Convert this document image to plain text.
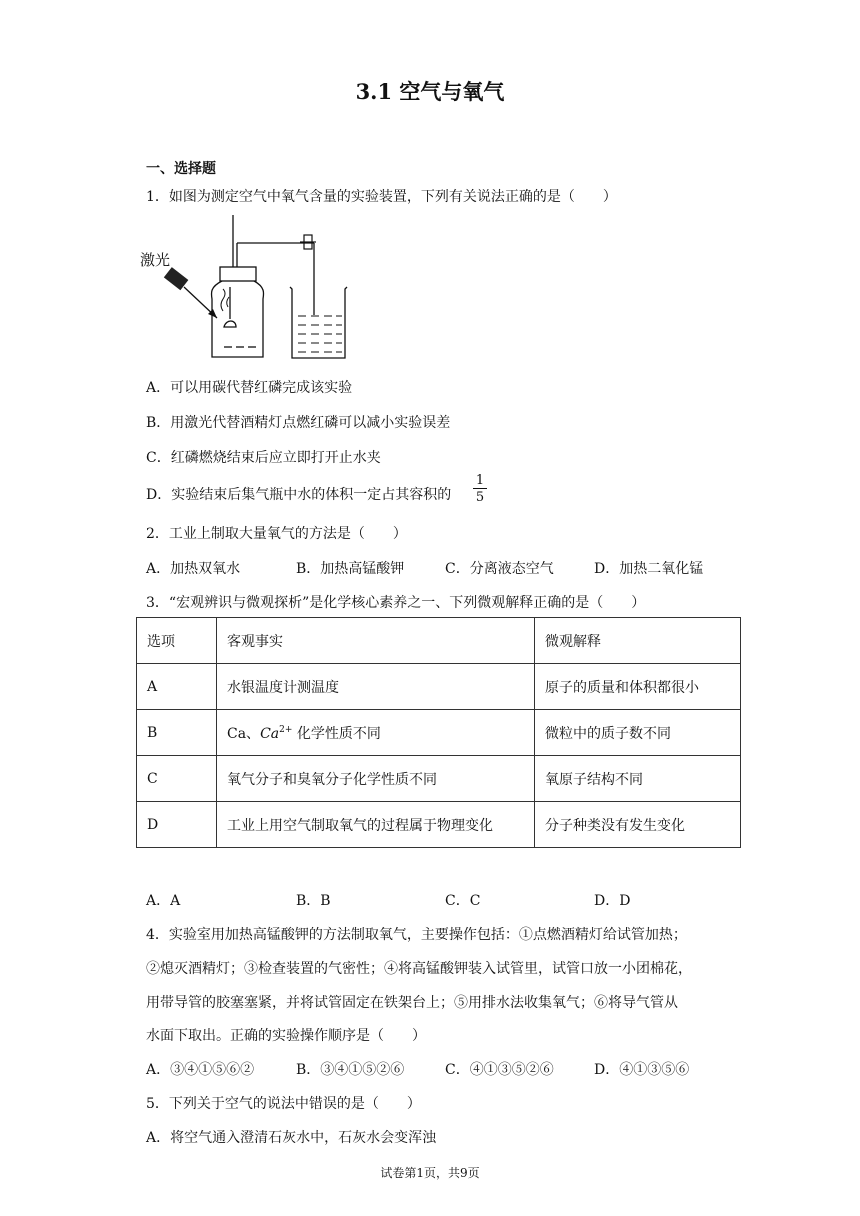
3.1 空气与氧气
一、选择题
1．如图为测定空气中氧气含量的实验装置，下列有关说法正确的是（　　）
激光
A．可以用碳代替红磷完成该实验
B．用激光代替酒精灯点燃红磷可以减小实验误差
C．红磷燃烧结束后应立即打开止水夹
D．实验结束后集气瓶中水的体积一定占其容积的 $\frac{1}{5}$
2．工业上制取大量氧气的方法是（　　）
A．加热双氧水	B．加热高锰酸钾	C．分离液态空气	D．加热二氧化锰
3．“宏观辨识与微观探析”是化学核心素养之一、下列微观解释正确的是（　　）
选项	客观事实	微观解释
A	水银温度计测温度	原子的质量和体积都很小
B	Ca、$Ca^{2+}$ 化学性质不同	微粒中的质子数不同
C	氧气分子和臭氧分子化学性质不同	氧原子结构不同
D	工业上用空气制取氧气的过程属于物理变化	分子种类没有发生变化
A．A	B．B	C．C	D．D
4．实验室用加热高锰酸钾的方法制取氧气，主要操作包括：①点燃酒精灯给试管加热；
②熄灭酒精灯；③检查装置的气密性；④将高锰酸钾装入试管里，试管口放一小团棉花，
用带导管的胶塞塞紧，并将试管固定在铁架台上；⑤用排水法收集氧气；⑥将导气管从
水面下取出。正确的实验操作顺序是（　　）
A．③④①⑤⑥②	B．③④①⑤②⑥	C．④①③⑤②⑥	D．④①③⑤⑥
5．下列关于空气的说法中错误的是（　　）
A．将空气通入澄清石灰水中，石灰水会变浑浊
试卷第1页，共9页
